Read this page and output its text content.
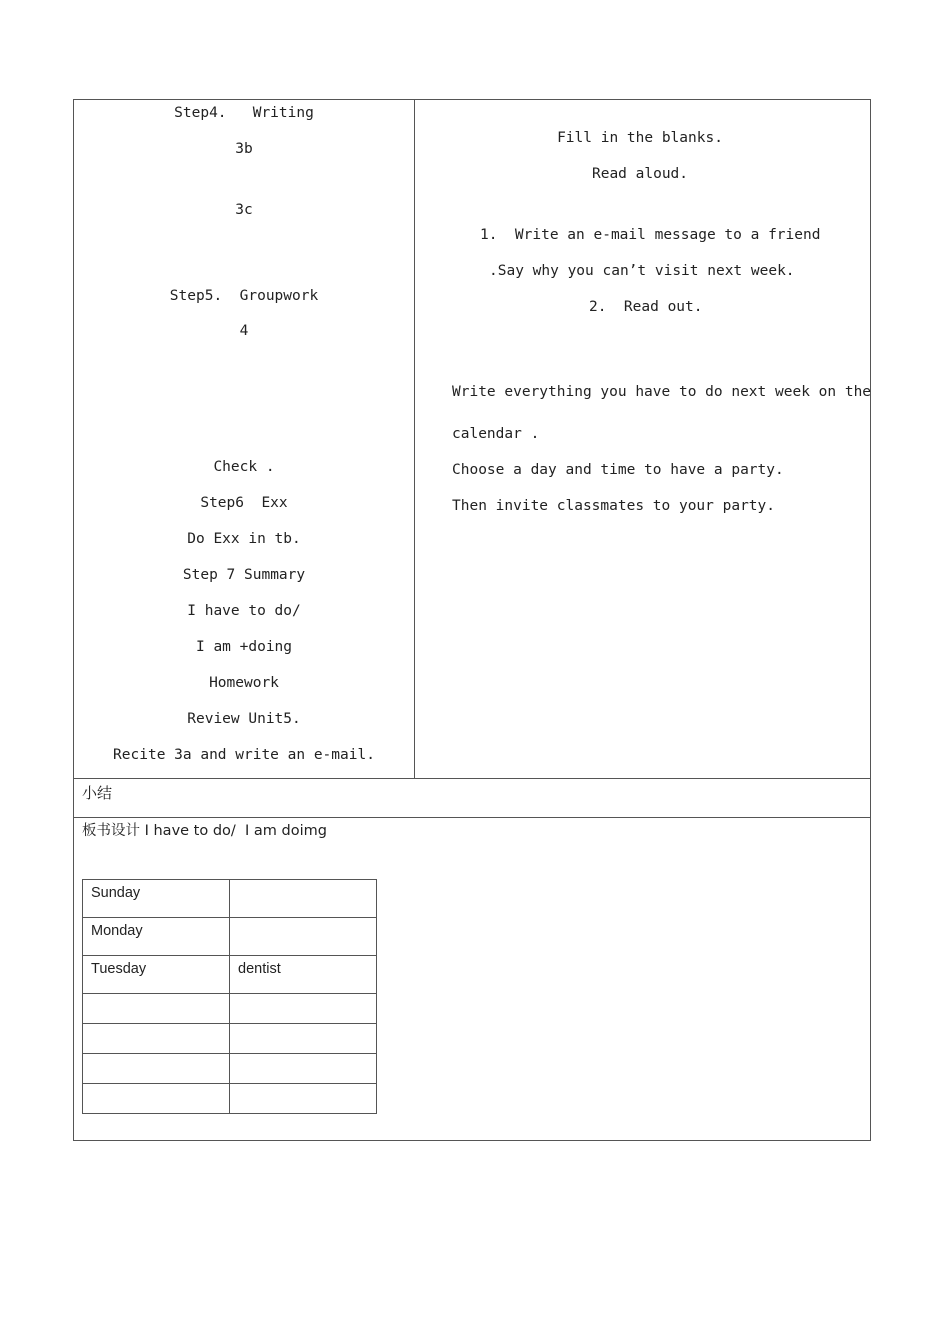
Step4.   Writing
3b
3c
Step5.  Groupwork
4
Check .
Step6  Exx
Do Exx in tb.
Step 7 Summary
I have to do/
I am +doing
Homework
Review Unit5.
Recite 3a and write an e-mail.
Fill in the blanks.
Read aloud.
1.  Write an e-mail message to a friend
.Say why you can’t visit next week.
2.  Read out.
Write everything you have to do next week on the
calendar .
Choose a day and time to have a party.
Then invite classmates to your party.
小结
板书设计 I have to do/  I am doimg
Sunday	
Monday	
Tuesday	dentist
